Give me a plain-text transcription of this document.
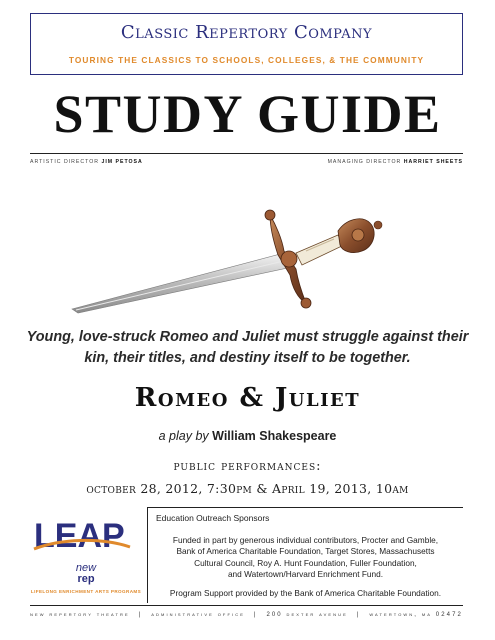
Classic Repertory Company
TOURING THE CLASSICS TO SCHOOLS, COLLEGES, & THE COMMUNITY
STUDY GUIDE
ARTISTIC DIRECTOR JIM PETOSA	MANAGING DIRECTOR HARRIET SHEETS
Young, love-struck Romeo and Juliet must struggle against their kin, their titles, and destiny itself to be together.
Romeo & Juliet
a play by William Shakespeare
public performances:
october 28, 2012, 7:30pm & April 19, 2013, 10am
LEAP
new
rep
LIFELONG ENRICHMENT ARTS PROGRAMS
Education Outreach Sponsors
Funded in part by generous individual contributors, Procter and Gamble,
Bank of America Charitable Foundation, Target Stores, Massachusetts
Cultural Council, Roy A. Hunt Foundation, Fuller Foundation,
and Watertown/Harvard Enrichment Fund.
Program Support provided by the Bank of America Charitable Foundation.
new repertory theatre | administrative office | 200 dexter avenue | watertown, ma 02472
